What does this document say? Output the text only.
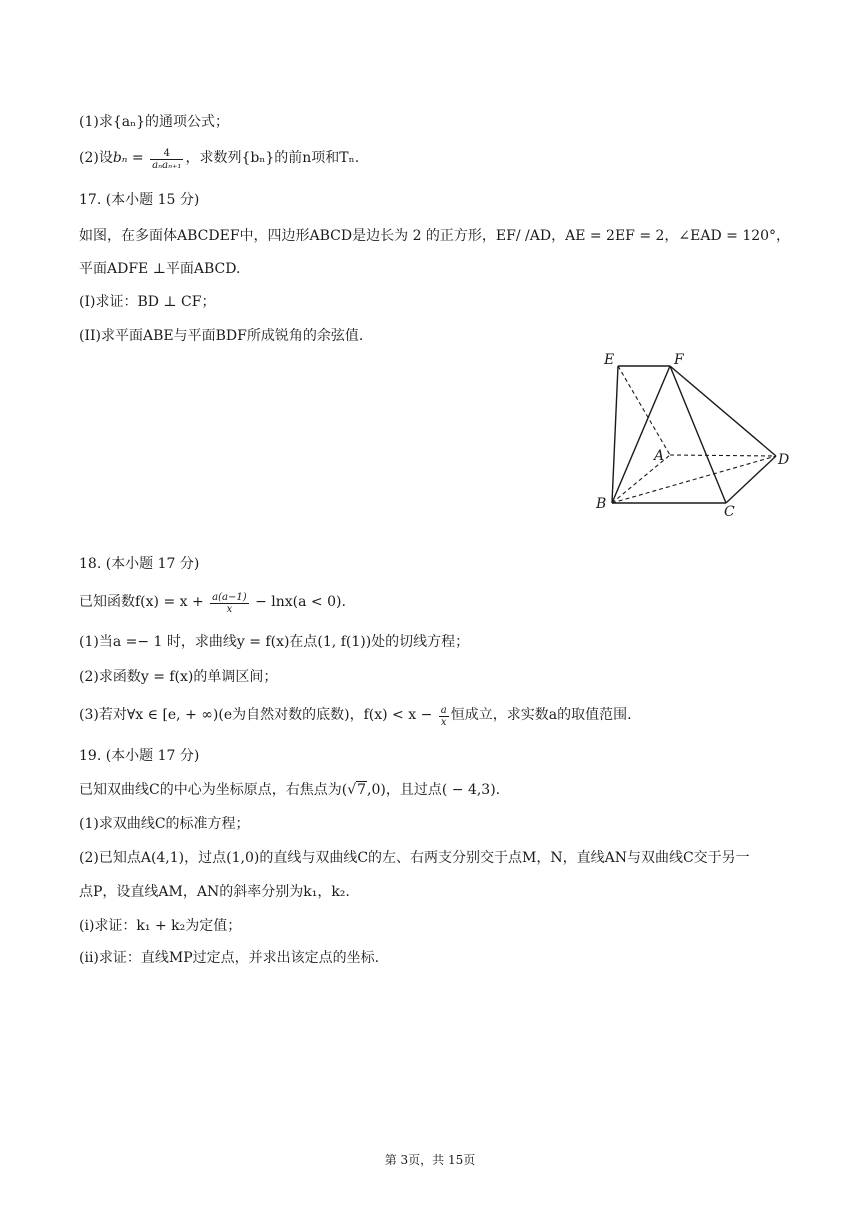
(1)求{aₙ}的通项公式；
(2)设$b_n = \frac{4}{\text{aₙaₙ₊₁}}$ ，求数列{bₙ}的前n项和Tₙ.
17. (本小题 15 分)
如图，在多面体ABCDEF中，四边形ABCD是边长为 2 的正方形，EF/ /AD，AE = 2EF = 2，∠EAD = 120°，
平面ADFE ⊥平面ABCD.
(I)求证：BD ⊥ CF；
(II)求平面ABE与平面BDF所成锐角的余弦值.
E	F
A	D
B	C
18. (本小题 17 分)
已知函数$f(x) = x + \frac{a(a-1)}{x} - \ln x(a < 0)$.
(1)当a =− 1 时，求曲线y = f(x)在点(1, f(1))处的切线方程；
(2)求函数y = f(x)的单调区间；
(3)若对∀x ∈ [e, + ∞)(e为自然对数的底数)，$f(x) < x - \frac{a}{x}$ 恒成立，求实数a的取值范围.
19. (本小题 17 分)
已知双曲线C的中心为坐标原点，右焦点为(√7,0)，且过点( − 4,3).
(1)求双曲线C的标准方程；
(2)已知点A(4,1)，过点(1,0)的直线与双曲线C的左、右两支分别交于点M，N，直线AN与双曲线C交于另一
点P，设直线AM，AN的斜率分别为k₁，k₂.
(i)求证：k₁ + k₂为定值；
(ii)求证：直线MP过定点，并求出该定点的坐标.
第 3页，共 15页
